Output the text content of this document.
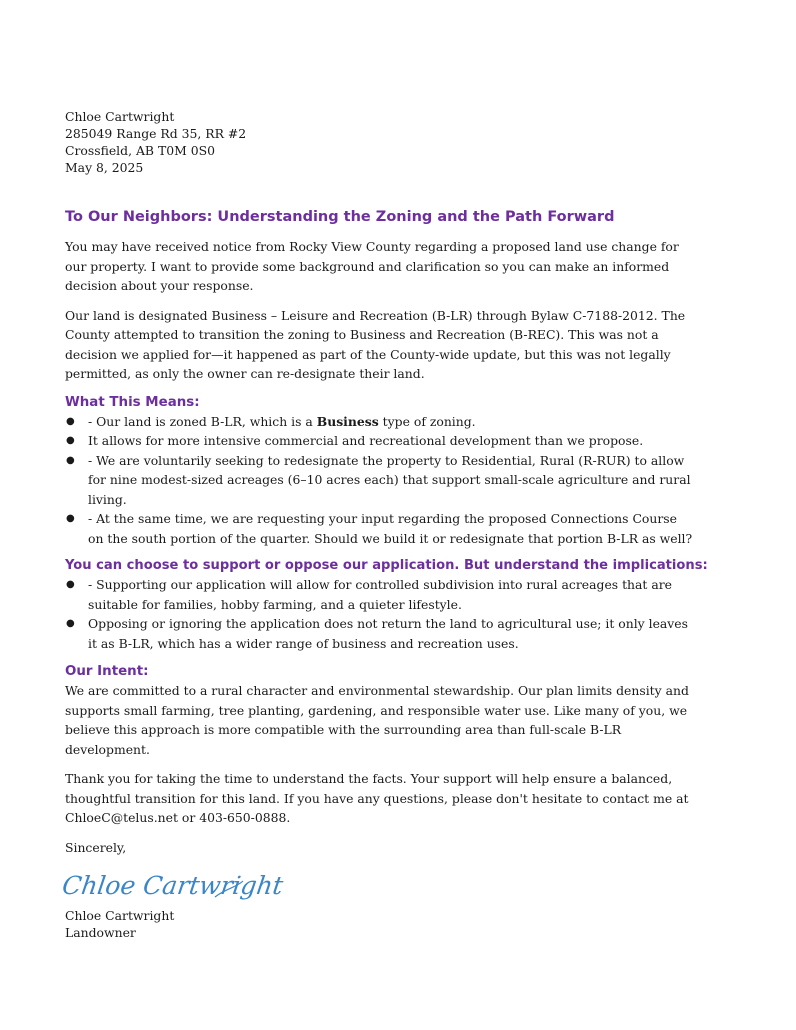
Chloe Cartwright

285049 Range Rd 35, RR #2

Crossfield, AB T0M 0S0

May 8, 2025

To Our Neighbors: Understanding the Zoning and the Path Forward

You may have received notice from Rocky View County regarding a proposed land use change for our property. I want to provide some background and clarification so you can make an informed decision about your response.

Our land is designated Business – Leisure and Recreation (B-LR) through Bylaw C-7188-2012. The County attempted to transition the zoning to Business and Recreation (B-REC). This was not a decision we applied for—it happened as part of the County-wide update, but this was not legally permitted, as only the owner can re-designate their land.

What This Means:
● - Our land is zoned B-LR, which is a Business type of zoning.
● It allows for more intensive commercial and recreational development than we propose.
● - We are voluntarily seeking to redesignate the property to Residential, Rural (R-RUR) to allow for nine modest-sized acreages (6–10 acres each) that support small-scale agriculture and rural living.
● - At the same time, we are requesting your input regarding the proposed Connections Course on the south portion of the quarter. Should we build it or redesignate that portion B-LR as well?
You can choose to support or oppose our application. But understand the implications:
● - Supporting our application will allow for controlled subdivision into rural acreages that are suitable for families, hobby farming, and a quieter lifestyle.
● Opposing or ignoring the application does not return the land to agricultural use; it only leaves it as B-LR, which has a wider range of business and recreation uses.
Our Intent:

We are committed to a rural character and environmental stewardship. Our plan limits density and supports small farming, tree planting, gardening, and responsible water use. Like many of you, we believe this approach is more compatible with the surrounding area than full-scale B-LR development.

Thank you for taking the time to understand the facts. Your support will help ensure a balanced, thoughtful transition for this land. If you have any questions, please don't hesitate to contact me at ChloeC@telus.net or 403-650-0888.

Sincerely,

Chloe Cartwright

Chloe Cartwright

Landowner
